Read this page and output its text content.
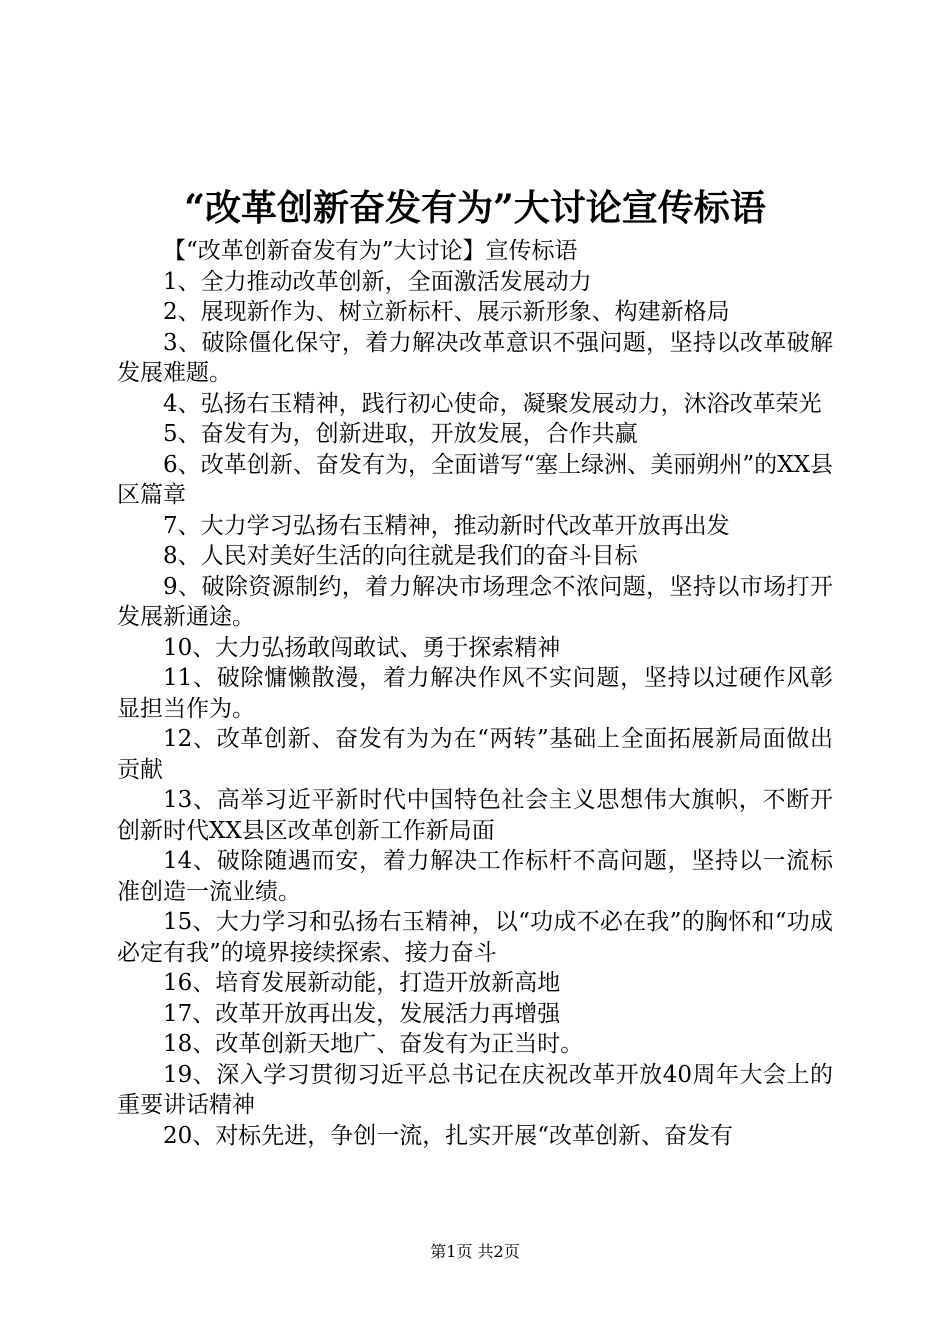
“改革创新奋发有为”大讨论宣传标语

【“改革创新奋发有为”大讨论】宣传标语

1、全力推动改革创新，全面激活发展动力

2、展现新作为、树立新标杆、展示新形象、构建新格局

3、破除僵化保守，着力解决改革意识不强问题，坚持以改革破解发展难题。

4、弘扬右玉精神，践行初心使命，凝聚发展动力，沐浴改革荣光

5、奋发有为，创新进取，开放发展，合作共赢

6、改革创新、奋发有为，全面谱写“塞上绿洲、美丽朔州”的XX县区篇章

7、大力学习弘扬右玉精神，推动新时代改革开放再出发

8、人民对美好生活的向往就是我们的奋斗目标

9、破除资源制约，着力解决市场理念不浓问题，坚持以市场打开发展新通途。

10、大力弘扬敢闯敢试、勇于探索精神

11、破除慵懒散漫，着力解决作风不实问题，坚持以过硬作风彰显担当作为。

12、改革创新、奋发有为为在“两转”基础上全面拓展新局面做出贡献

13、高举习近平新时代中国特色社会主义思想伟大旗帜，不断开创新时代XX县区改革创新工作新局面

14、破除随遇而安，着力解决工作标杆不高问题，坚持以一流标准创造一流业绩。

15、大力学习和弘扬右玉精神，以“功成不必在我”的胸怀和“功成必定有我”的境界接续探索、接力奋斗

16、培育发展新动能，打造开放新高地

17、改革开放再出发，发展活力再增强

18、改革创新天地广、奋发有为正当时。

19、深入学习贯彻习近平总书记在庆祝改革开放40周年大会上的重要讲话精神

20、对标先进，争创一流，扎实开展“改革创新、奋发有

第1页 共2页
